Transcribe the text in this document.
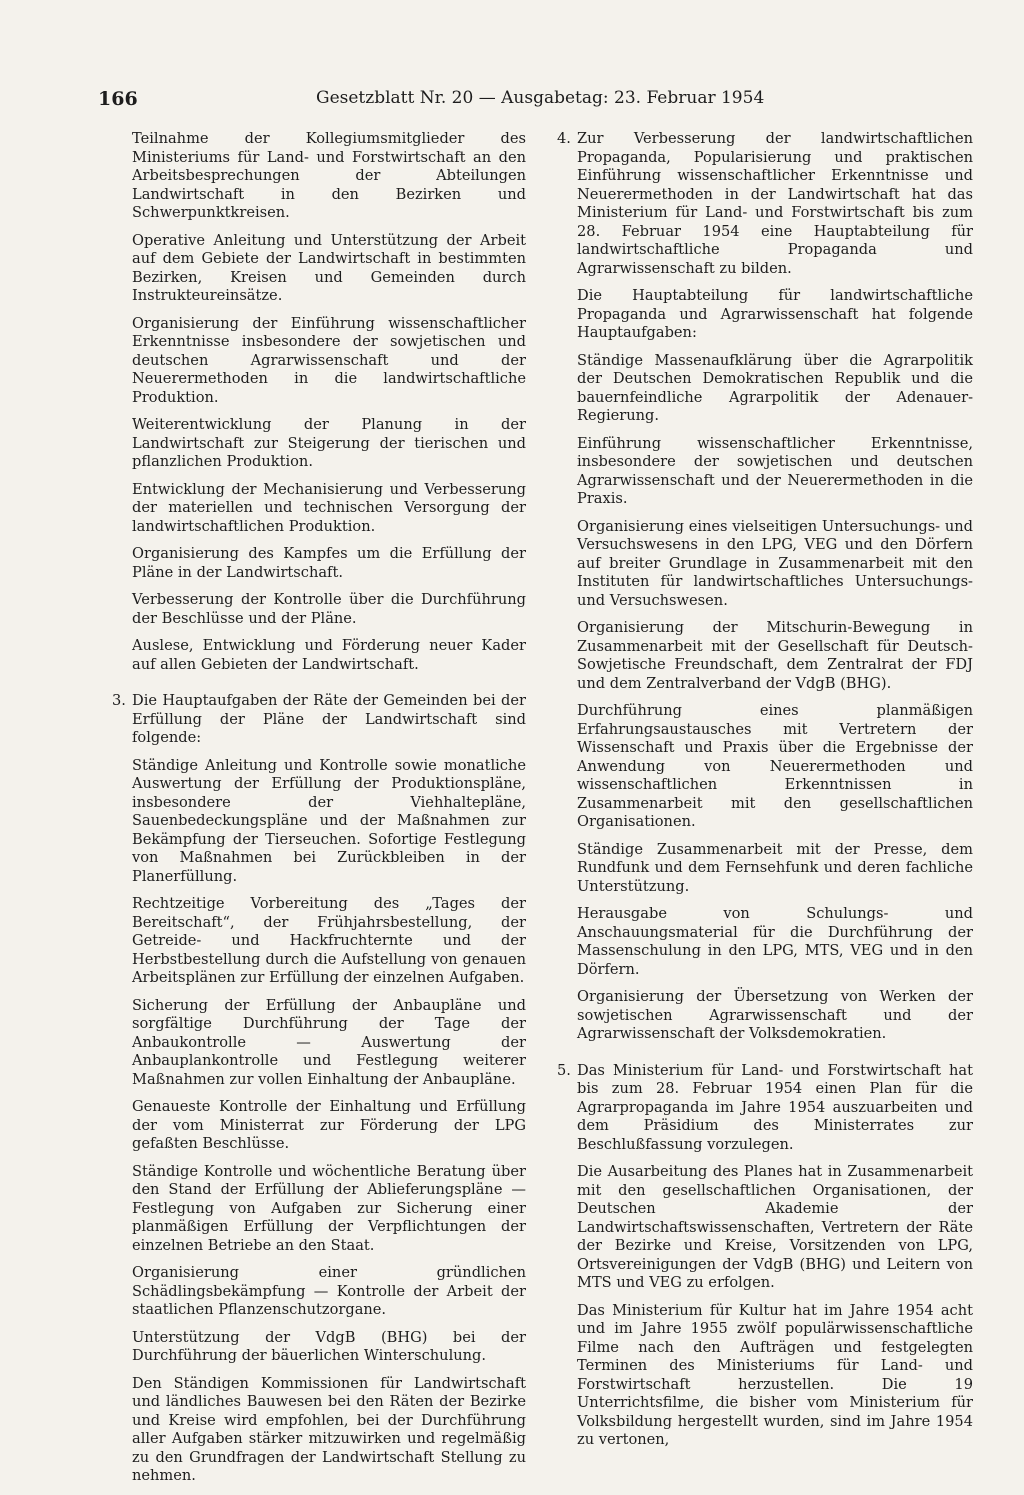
166	Gesetzblatt Nr. 20 — Ausgabetag: 23. Februar 1954

Teilnahme der Kollegiumsmitglieder des Ministeriums für Land- und Forstwirtschaft an den Arbeitsbesprechungen der Abteilungen Landwirtschaft in den Bezirken und Schwerpunktkreisen.

Operative Anleitung und Unterstützung der Arbeit auf dem Gebiete der Landwirtschaft in bestimmten Bezirken, Kreisen und Gemeinden durch Instrukteureinsätze.

Organisierung der Einführung wissenschaftlicher Erkenntnisse insbesondere der sowjetischen und deutschen Agrarwissenschaft und der Neuerermethoden in die landwirtschaftliche Produktion.

Weiterentwicklung der Planung in der Landwirtschaft zur Steigerung der tierischen und pflanzlichen Produktion.

Entwicklung der Mechanisierung und Verbesserung der materiellen und technischen Versorgung der landwirtschaftlichen Produktion.

Organisierung des Kampfes um die Erfüllung der Pläne in der Landwirtschaft.

Verbesserung der Kontrolle über die Durchführung der Beschlüsse und der Pläne.

Auslese, Entwicklung und Förderung neuer Kader auf allen Gebieten der Landwirtschaft.

3. Die Hauptaufgaben der Räte der Gemeinden bei der Erfüllung der Pläne der Landwirtschaft sind folgende:

Ständige Anleitung und Kontrolle sowie monatliche Auswertung der Erfüllung der Produktionspläne, insbesondere der Viehhaltepläne, Sauenbedeckungspläne und der Maßnahmen zur Bekämpfung der Tierseuchen. Sofortige Festlegung von Maßnahmen bei Zurückbleiben in der Planerfüllung.

Rechtzeitige Vorbereitung des „Tages der Bereitschaft“, der Frühjahrsbestellung, der Getreide- und Hackfruchternte und der Herbstbestellung durch die Aufstellung von genauen Arbeitsplänen zur Erfüllung der einzelnen Aufgaben.

Sicherung der Erfüllung der Anbaupläne und sorgfältige Durchführung der Tage der Anbaukontrolle — Auswertung der Anbauplankontrolle und Festlegung weiterer Maßnahmen zur vollen Einhaltung der Anbaupläne.

Genaueste Kontrolle der Einhaltung und Erfüllung der vom Ministerrat zur Förderung der LPG gefaßten Beschlüsse.

Ständige Kontrolle und wöchentliche Beratung über den Stand der Erfüllung der Ablieferungspläne — Festlegung von Aufgaben zur Sicherung einer planmäßigen Erfüllung der Verpflichtungen der einzelnen Betriebe an den Staat.

Organisierung einer gründlichen Schädlingsbekämpfung — Kontrolle der Arbeit der staatlichen Pflanzenschutzorgane.

Unterstützung der VdgB (BHG) bei der Durchführung der bäuerlichen Winterschulung.

Den Ständigen Kommissionen für Landwirtschaft und ländliches Bauwesen bei den Räten der Bezirke und Kreise wird empfohlen, bei der Durchführung aller Aufgaben stärker mitzuwirken und regelmäßig zu den Grundfragen der Landwirtschaft Stellung zu nehmen.

4. Zur Verbesserung der landwirtschaftlichen Propaganda, Popularisierung und praktischen Einführung wissenschaftlicher Erkenntnisse und Neuerermethoden in der Landwirtschaft hat das Ministerium für Land- und Forstwirtschaft bis zum 28. Februar 1954 eine Hauptabteilung für landwirtschaftliche Propaganda und Agrarwissenschaft zu bilden.

Die Hauptabteilung für landwirtschaftliche Propaganda und Agrarwissenschaft hat folgende Hauptaufgaben:

Ständige Massenaufklärung über die Agrarpolitik der Deutschen Demokratischen Republik und die bauernfeindliche Agrarpolitik der Adenauer-Regierung.

Einführung wissenschaftlicher Erkenntnisse, insbesondere der sowjetischen und deutschen Agrarwissenschaft und der Neuerermethoden in die Praxis.

Organisierung eines vielseitigen Untersuchungs- und Versuchswesens in den LPG, VEG und den Dörfern auf breiter Grundlage in Zusammenarbeit mit den Instituten für landwirtschaftliches Untersuchungs- und Versuchswesen.

Organisierung der Mitschurin-Bewegung in Zusammenarbeit mit der Gesellschaft für Deutsch-Sowjetische Freundschaft, dem Zentralrat der FDJ und dem Zentralverband der VdgB (BHG).

Durchführung eines planmäßigen Erfahrungsaustausches mit Vertretern der Wissenschaft und Praxis über die Ergebnisse der Anwendung von Neuerermethoden und wissenschaftlichen Erkenntnissen in Zusammenarbeit mit den gesellschaftlichen Organisationen.

Ständige Zusammenarbeit mit der Presse, dem Rundfunk und dem Fernsehfunk und deren fachliche Unterstützung.

Herausgabe von Schulungs- und Anschauungsmaterial für die Durchführung der Massenschulung in den LPG, MTS, VEG und in den Dörfern.

Organisierung der Übersetzung von Werken der sowjetischen Agrarwissenschaft und der Agrarwissenschaft der Volksdemokratien.

5. Das Ministerium für Land- und Forstwirtschaft hat bis zum 28. Februar 1954 einen Plan für die Agrarpropaganda im Jahre 1954 auszuarbeiten und dem Präsidium des Ministerrates zur Beschlußfassung vorzulegen.

Die Ausarbeitung des Planes hat in Zusammenarbeit mit den gesellschaftlichen Organisationen, der Deutschen Akademie der Landwirtschaftswissenschaften, Vertretern der Räte der Bezirke und Kreise, Vorsitzenden von LPG, Ortsvereinigungen der VdgB (BHG) und Leitern von MTS und VEG zu erfolgen.

Das Ministerium für Kultur hat im Jahre 1954 acht und im Jahre 1955 zwölf populärwissenschaftliche Filme nach den Aufträgen und festgelegten Terminen des Ministeriums für Land- und Forstwirtschaft herzustellen. Die 19 Unterrichtsfilme, die bisher vom Ministerium für Volksbildung hergestellt wurden, sind im Jahre 1954 zu vertonen,
